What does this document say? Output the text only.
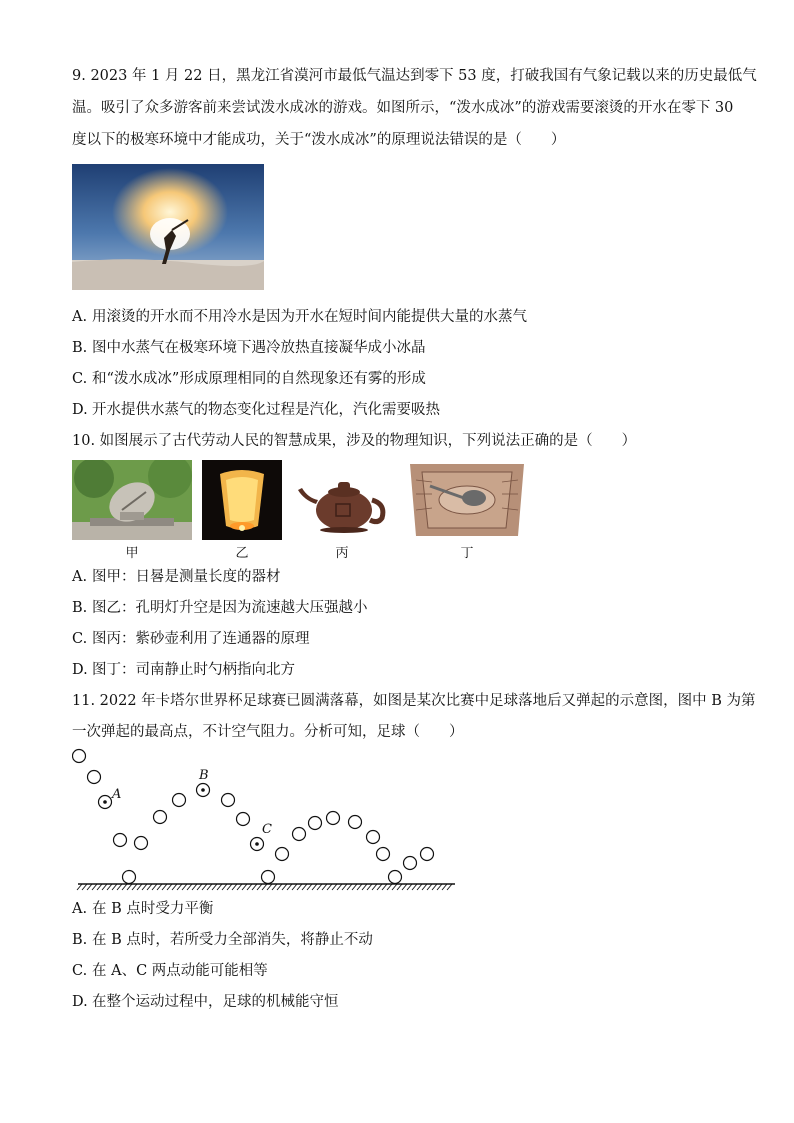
9. 2023 年 1 月 22 日，黑龙江省漠河市最低气温达到零下 53 度，打破我国有气象记载以来的历史最低气
温。吸引了众多游客前来尝试泼水成冰的游戏。如图所示，“泼水成冰”的游戏需要滚烫的开水在零下 30
度以下的极寒环境中才能成功，关于“泼水成冰”的原理说法错误的是（　　）
A. 用滚烫的开水而不用冷水是因为开水在短时间内能提供大量的水蒸气
B. 图中水蒸气在极寒环境下遇冷放热直接凝华成小冰晶
C. 和“泼水成冰”形成原理相同的自然现象还有雾的形成
D. 开水提供水蒸气的物态变化过程是汽化，汽化需要吸热
10. 如图展示了古代劳动人民的智慧成果，涉及的物理知识，下列说法正确的是（　　）
甲	乙	丙	丁
A. 图甲：日晷是测量长度的器材
B. 图乙：孔明灯升空是因为流速越大压强越小
C. 图丙：紫砂壶利用了连通器的原理
D. 图丁：司南静止时勺柄指向北方
11. 2022 年卡塔尔世界杯足球赛已圆满落幕，如图是某次比赛中足球落地后又弹起的示意图，图中 B 为第
一次弹起的最高点，不计空气阻力。分析可知，足球（　　）
A
B
C
A. 在 B 点时受力平衡
B. 在 B 点时，若所受力全部消失，将静止不动
C. 在 A、C 两点动能可能相等
D. 在整个运动过程中，足球的机械能守恒
